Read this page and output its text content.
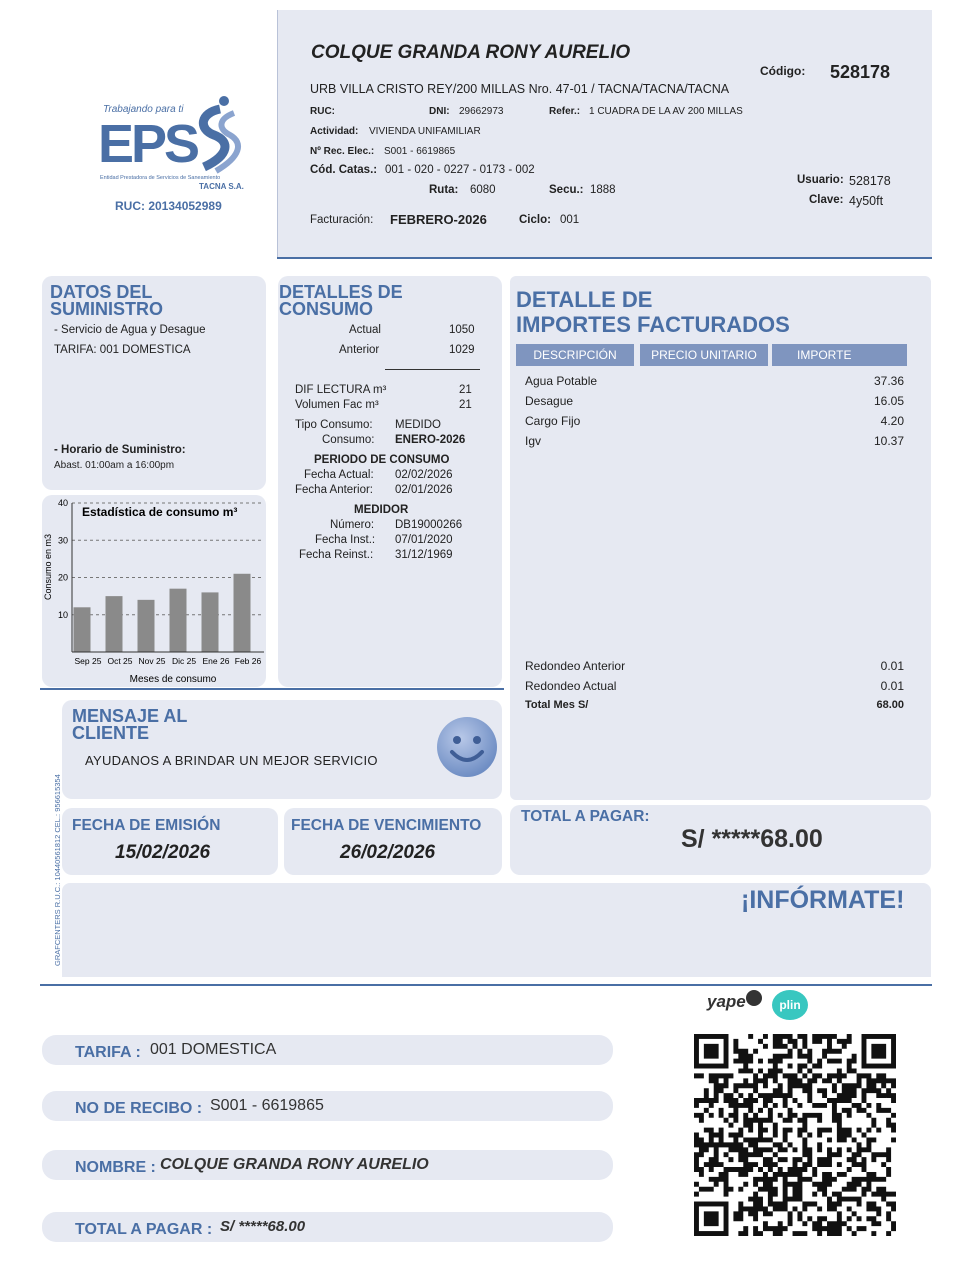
Trabajando para ti
EPS
Entidad Prestadora de Servicios de Saneamiento
TACNA S.A.
RUC: 20134052989
COLQUE GRANDA RONY AURELIO
URB VILLA CRISTO REY/200 MILLAS Nro. 47-01 / TACNA/TACNA/TACNA
Código: 528178
RUC:	DNI: 29662973	Refer.: 1 CUADRA DE LA AV 200 MILLAS
Actividad: VIVIENDA UNIFAMILIAR
Nº Rec. Elec.: S001 - 6619865
Cód. Catas.: 001 - 020 - 0227 - 0173 - 002
Ruta: 6080	Secu.: 1888
Usuario: 528178
Clave: 4y50ft
Facturación: FEBRERO-2026	Ciclo: 001
DATOS DEL
SUMINISTRO
- Servicio de Agua y Desague
TARIFA: 001 DOMESTICA
- Horario de Suministro:
Abast. 01:00am a 16:00pm
Sep 25 Oct 25 Nov 25 Dic 25 Ene 26 Feb 26
40
30
20
10
Estadística de consumo m³
Meses de consumo
Consumo en m3
DETALLES DE
CONSUMO
Actual	1050
Anterior	1029
DIF LECTURA m³	21
Volumen Fac m³	21
Tipo Consumo: MEDIDO
Consumo: ENERO-2026
PERIODO DE CONSUMO
Fecha Actual: 02/02/2026
Fecha Anterior: 02/01/2026
MEDIDOR
Número: DB19000266
Fecha Inst.: 07/01/2020
Fecha Reinst.: 31/12/1969
DETALLE DE
IMPORTES FACTURADOS
DESCRIPCIÓN	PRECIO UNITARIO	IMPORTE
Agua Potable	37.36
Desague	16.05
Cargo Fijo	4.20
Igv	10.37
Redondeo Anterior	0.01
Redondeo Actual	0.01
Total Mes S/	68.00
MENSAJE AL
CLIENTE
AYUDANOS A BRINDAR UN MEJOR SERVICIO
GRAFCENTERS R.U.C.: 10440561812 CEL.: 956615354 FECHA DE EMISIÓN
15/02/2026
FECHA DE VENCIMIENTO
26/02/2026
TOTAL A PAGAR:
S/ *****68.00
¡INFÓRMATE!
yape	plin
TARIFA : 001 DOMESTICA
NO DE RECIBO : S001 - 6619865
NOMBRE : COLQUE GRANDA RONY AURELIO
TOTAL A PAGAR : S/ *****68.00
